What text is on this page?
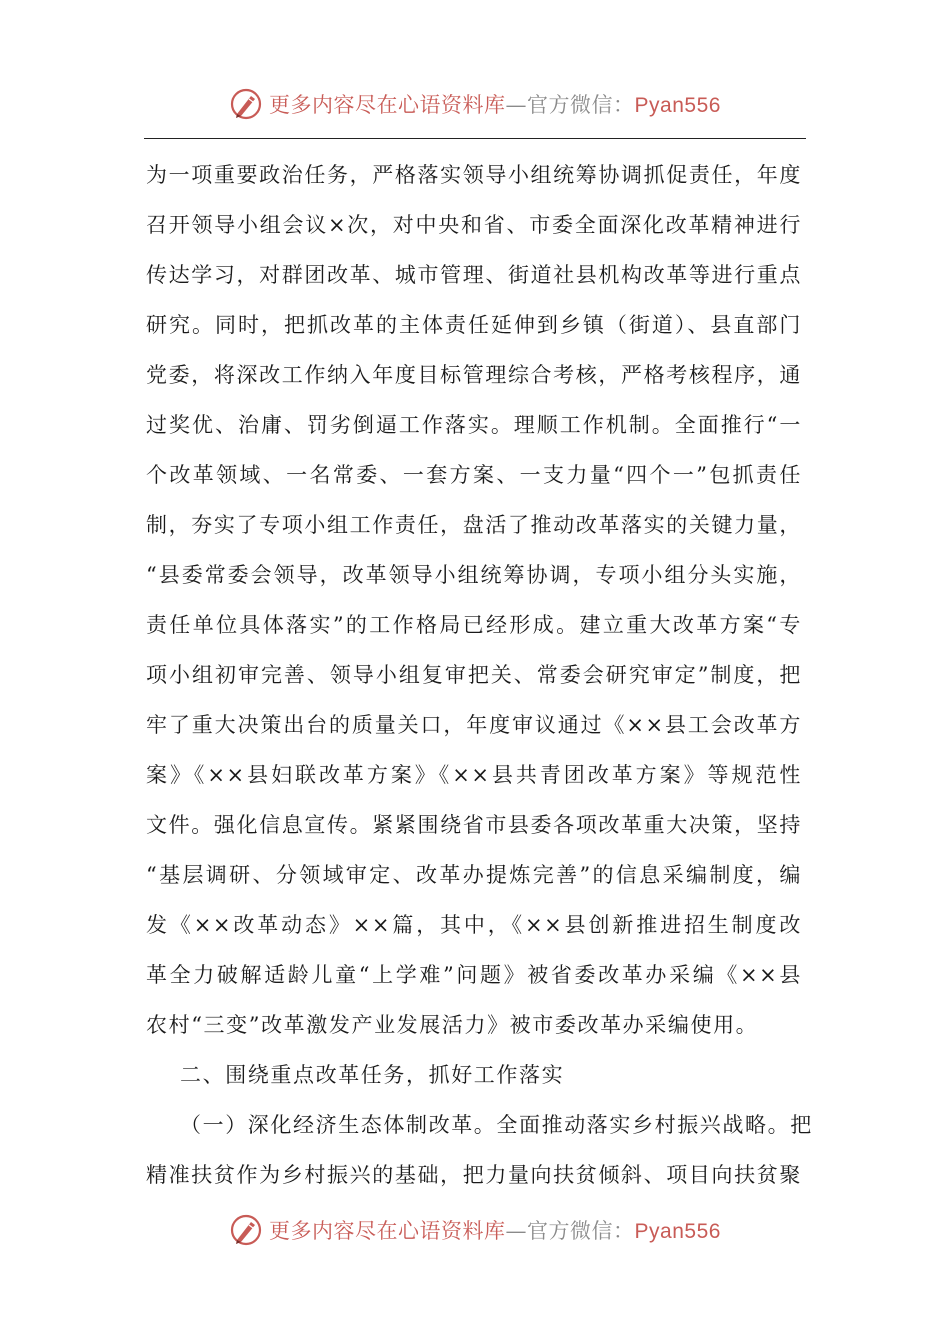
更多内容尽在心语资料库—官方微信：Pyan556
为一项重要政治任务，严格落实领导小组统筹协调抓促责任，年度
召开领导小组会议×次，对中央和省、市委全面深化改革精神进行
传达学习，对群团改革、城市管理、街道社县机构改革等进行重点
研究。同时，把抓改革的主体责任延伸到乡镇（街道）、县直部门
党委，将深改工作纳入年度目标管理综合考核，严格考核程序，通
过奖优、治庸、罚劣倒逼工作落实。理顺工作机制。全面推行“一
个改革领域、一名常委、一套方案、一支力量“四个一”包抓责任
制，夯实了专项小组工作责任，盘活了推动改革落实的关键力量，
“县委常委会领导，改革领导小组统筹协调，专项小组分头实施，
责任单位具体落实”的工作格局已经形成。建立重大改革方案“专
项小组初审完善、领导小组复审把关、常委会研究审定”制度，把
牢了重大决策出台的质量关口，年度审议通过《××县工会改革方
案》《××县妇联改革方案》《××县共青团改革方案》等规范性
文件。强化信息宣传。紧紧围绕省市县委各项改革重大决策，坚持
“基层调研、分领域审定、改革办提炼完善”的信息采编制度，编
发《××改革动态》××篇，其中，《××县创新推进招生制度改
革全力破解适龄儿童“上学难”问题》被省委改革办采编《××县
农村“三变”改革激发产业发展活力》被市委改革办采编使用。
二、围绕重点改革任务，抓好工作落实
（一）深化经济生态体制改革。全面推动落实乡村振兴战略。把
精准扶贫作为乡村振兴的基础，把力量向扶贫倾斜、项目向扶贫聚
更多内容尽在心语资料库—官方微信：Pyan556
